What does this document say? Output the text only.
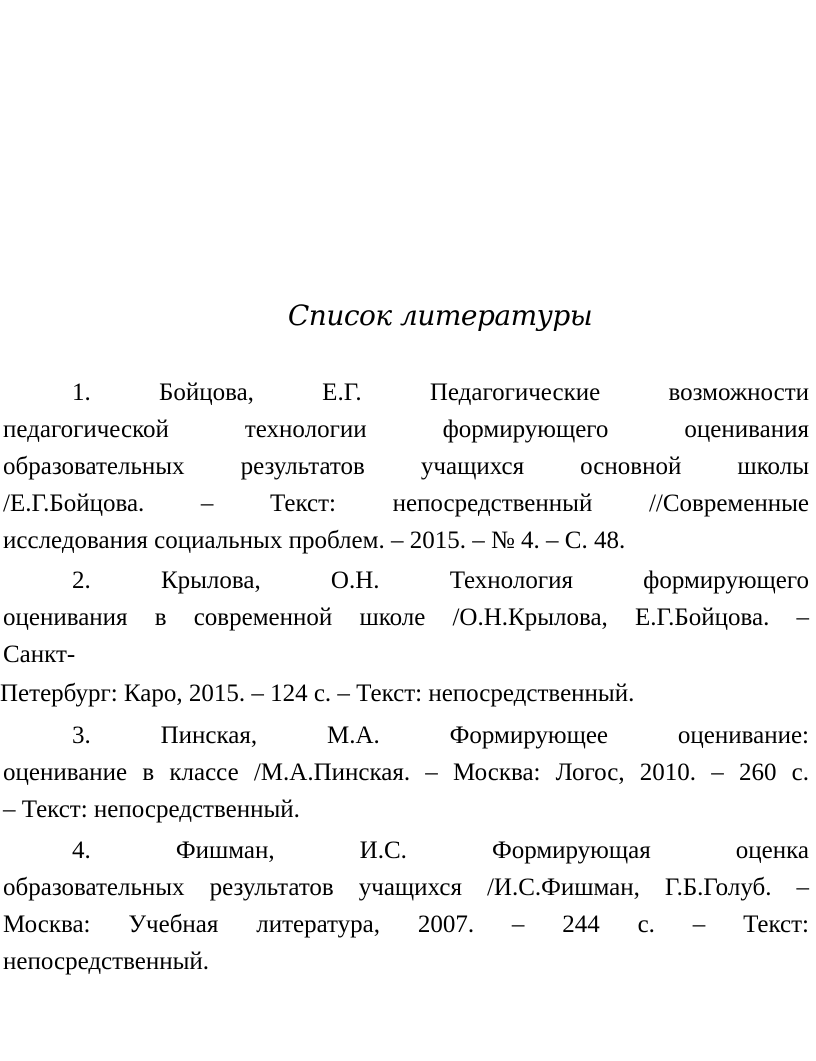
Список литературы
1. Бойцова, Е.Г. Педагогические возможности
педагогической технологии формирующего оценивания
образовательных результатов учащихся основной школы
/Е.Г.Бойцова. – Текст: непосредственный //Современные
исследования социальных проблем. – 2015. – № 4. – С. 48.
2. Крылова, О.Н. Технология формирующего
оценивания в современной школе /О.Н.Крылова, Е.Г.Бойцова. –
Санкт-
Петербург: Каро, 2015. – 124 с. – Текст: непосредственный.
3. Пинская, М.А. Формирующее оценивание:
оценивание в классе /М.А.Пинская. – Москва: Логос, 2010. – 260 с.
– Текст: непосредственный.
4. Фишман, И.С. Формирующая оценка
образовательных результатов учащихся /И.С.Фишман, Г.Б.Голуб. –
Москва: Учебная литература, 2007. – 244 с. – Текст:
непосредственный.
